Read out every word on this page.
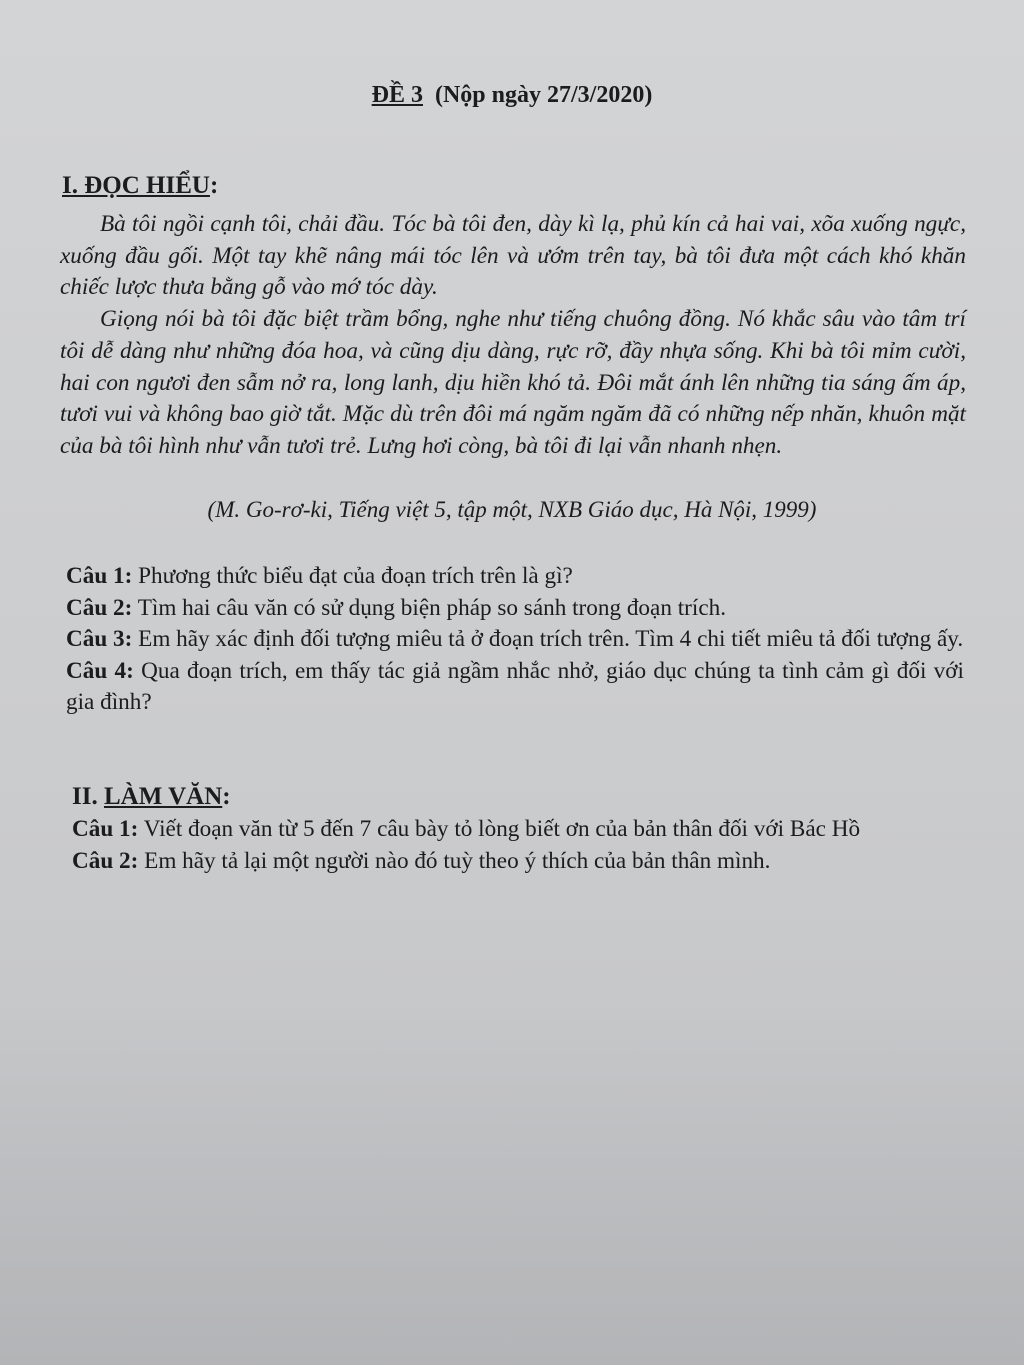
ĐỀ 3 (Nộp ngày 27/3/2020)
I. ĐỌC HIỂU:

Bà tôi ngồi cạnh tôi, chải đầu. Tóc bà tôi đen, dày kì lạ, phủ kín cả hai vai, xõa xuống ngực, xuống đầu gối. Một tay khẽ nâng mái tóc lên và ướm trên tay, bà tôi đưa một cách khó khăn chiếc lược thưa bằng gỗ vào mớ tóc dày.

Giọng nói bà tôi đặc biệt trầm bổng, nghe như tiếng chuông đồng. Nó khắc sâu vào tâm trí tôi dễ dàng như những đóa hoa, và cũng dịu dàng, rực rỡ, đầy nhựa sống. Khi bà tôi mỉm cười, hai con ngươi đen sẫm nở ra, long lanh, dịu hiền khó tả. Đôi mắt ánh lên những tia sáng ấm áp, tươi vui và không bao giờ tắt. Mặc dù trên đôi má ngăm ngăm đã có những nếp nhăn, khuôn mặt của bà tôi hình như vẫn tươi trẻ. Lưng hơi còng, bà tôi đi lại vẫn nhanh nhẹn.

(M. Go-rơ-ki, Tiếng việt 5, tập một, NXB Giáo dục, Hà Nội, 1999)

Câu 1: Phương thức biểu đạt của đoạn trích trên là gì?

Câu 2: Tìm hai câu văn có sử dụng biện pháp so sánh trong đoạn trích.

Câu 3: Em hãy xác định đối tượng miêu tả ở đoạn trích trên. Tìm 4 chi tiết miêu tả đối tượng ấy.

Câu 4: Qua đoạn trích, em thấy tác giả ngầm nhắc nhở, giáo dục chúng ta tình cảm gì đối với gia đình?

II. LÀM VĂN:

Câu 1: Viết đoạn văn từ 5 đến 7 câu bày tỏ lòng biết ơn của bản thân đối với Bác Hồ

Câu 2: Em hãy tả lại một người nào đó tuỳ theo ý thích của bản thân mình.
